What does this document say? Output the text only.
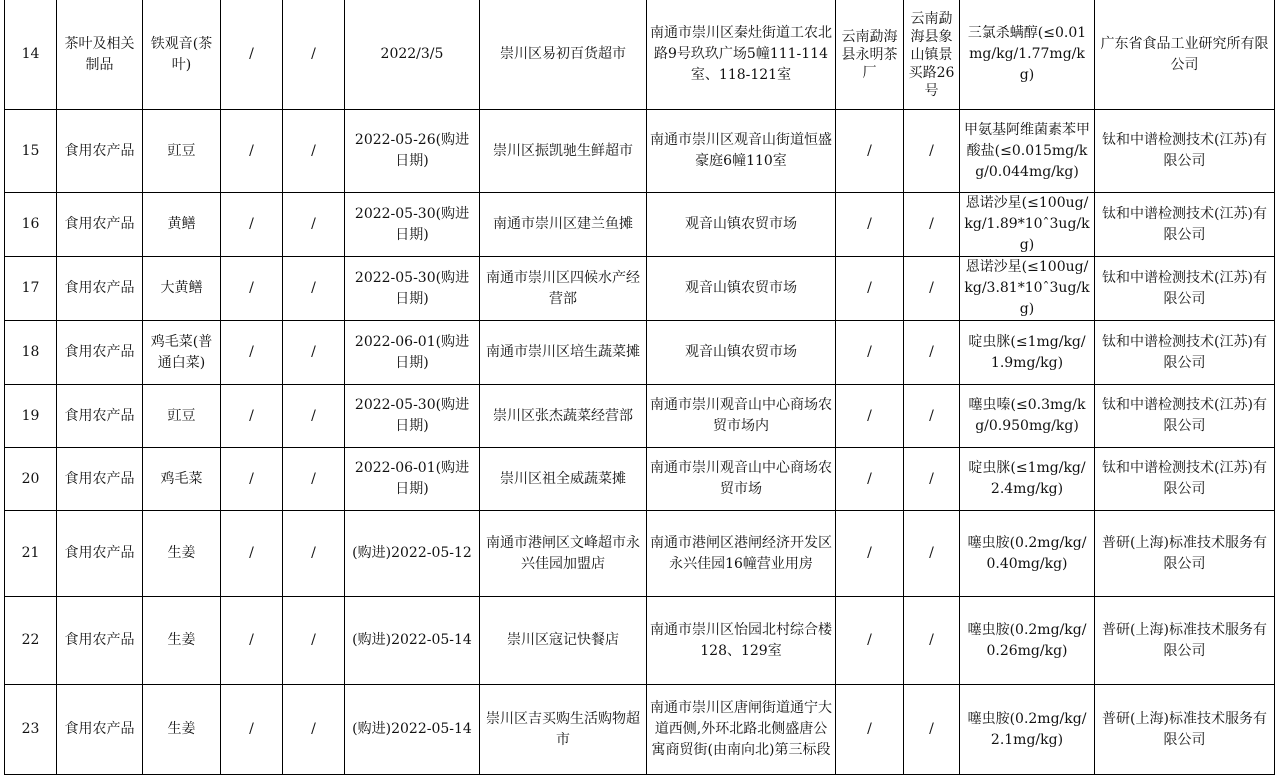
14	茶叶及相关制品	铁观音(茶叶)	/	/	2022/3/5	崇川区易初百货超市	南通市崇川区秦灶街道工农北路9号玖玖广场5幢111-114室、118-121室	云南勐海县永明茶厂	云南勐海县象山镇景买路26号	三氯杀螨醇(≤0.01mg/kg/1.77mg/kg)	广东省食品工业研究所有限公司
15	食用农产品	豇豆	/	/	2022-05-26(购进日期)	崇川区振凯驰生鲜超市	南通市崇川区观音山街道恒盛豪庭6幢110室	/	/	甲氨基阿维菌素苯甲酸盐(≤0.015mg/kg/0.044mg/kg)	钛和中谱检测技术(江苏)有限公司
16	食用农产品	黄鳝	/	/	2022-05-30(购进日期)	南通市崇川区建兰鱼摊	观音山镇农贸市场	/	/	恩诺沙星(≤100ug/kg/1.89*10ˆ3ug/kg)	钛和中谱检测技术(江苏)有限公司
17	食用农产品	大黄鳝	/	/	2022-05-30(购进日期)	南通市崇川区四候水产经营部	观音山镇农贸市场	/	/	恩诺沙星(≤100ug/kg/3.81*10ˆ3ug/kg)	钛和中谱检测技术(江苏)有限公司
18	食用农产品	鸡毛菜(普通白菜)	/	/	2022-06-01(购进日期)	南通市崇川区培生蔬菜摊	观音山镇农贸市场	/	/	啶虫脒(≤1mg/kg/1.9mg/kg)	钛和中谱检测技术(江苏)有限公司
19	食用农产品	豇豆	/	/	2022-05-30(购进日期)	崇川区张杰蔬菜经营部	南通市崇川观音山中心商场农贸市场内	/	/	噻虫嗪(≤0.3mg/kg/0.950mg/kg)	钛和中谱检测技术(江苏)有限公司
20	食用农产品	鸡毛菜	/	/	2022-06-01(购进日期)	崇川区祖全威蔬菜摊	南通市崇川观音山中心商场农贸市场	/	/	啶虫脒(≤1mg/kg/2.4mg/kg)	钛和中谱检测技术(江苏)有限公司
21	食用农产品	生姜	/	/	(购进)2022-05-12	南通市港闸区文峰超市永兴佳园加盟店	南通市港闸区港闸经济开发区永兴佳园16幢营业用房	/	/	噻虫胺(0.2mg/kg/0.40mg/kg)	普研(上海)标准技术服务有限公司
22	食用农产品	生姜	/	/	(购进)2022-05-14	崇川区寇记快餐店	南通市崇川区怡园北村综合楼128、129室	/	/	噻虫胺(0.2mg/kg/0.26mg/kg)	普研(上海)标准技术服务有限公司
23	食用农产品	生姜	/	/	(购进)2022-05-14	崇川区吉买购生活购物超市	南通市崇川区唐闸街道通宁大道西侧,外环北路北侧盛唐公寓商贸街(由南向北)第三标段	/	/	噻虫胺(0.2mg/kg/2.1mg/kg)	普研(上海)标准技术服务有限公司
